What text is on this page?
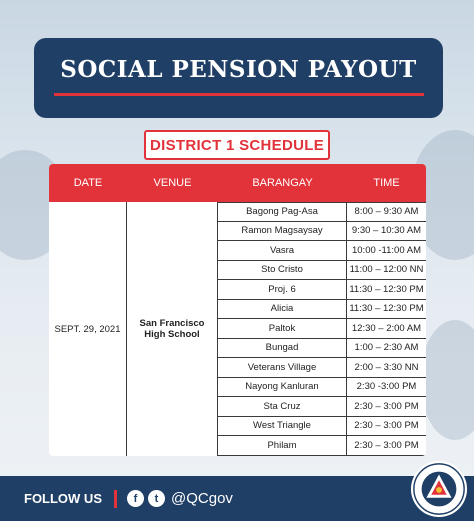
SOCIAL PENSION PAYOUT
DISTRICT 1 SCHEDULE
DATE	VENUE	BARANGAY	TIME
SEPT. 29, 2021	San Francisco High School
Bagong Pag-Asa	8:00 – 9:30 AM
Ramon Magsaysay	9:30 – 10:30 AM
Vasra	10:00 -11:00 AM
Sto Cristo	11:00 – 12:00 NN
Proj. 6	11:30 – 12:30 PM
Alicia	11:30 – 12:30 PM
Paltok	12:30 – 2:00 AM
Bungad	1:00 – 2:30 AM
Veterans Village	2:00 – 3:30 NN
Nayong Kanluran	2:30 -3:00 PM
Sta Cruz	2:30 – 3:00 PM
West Triangle	2:30 – 3:00 PM
Philam	2:30 – 3:00 PM
FOLLOW US	f	t @QCgov
